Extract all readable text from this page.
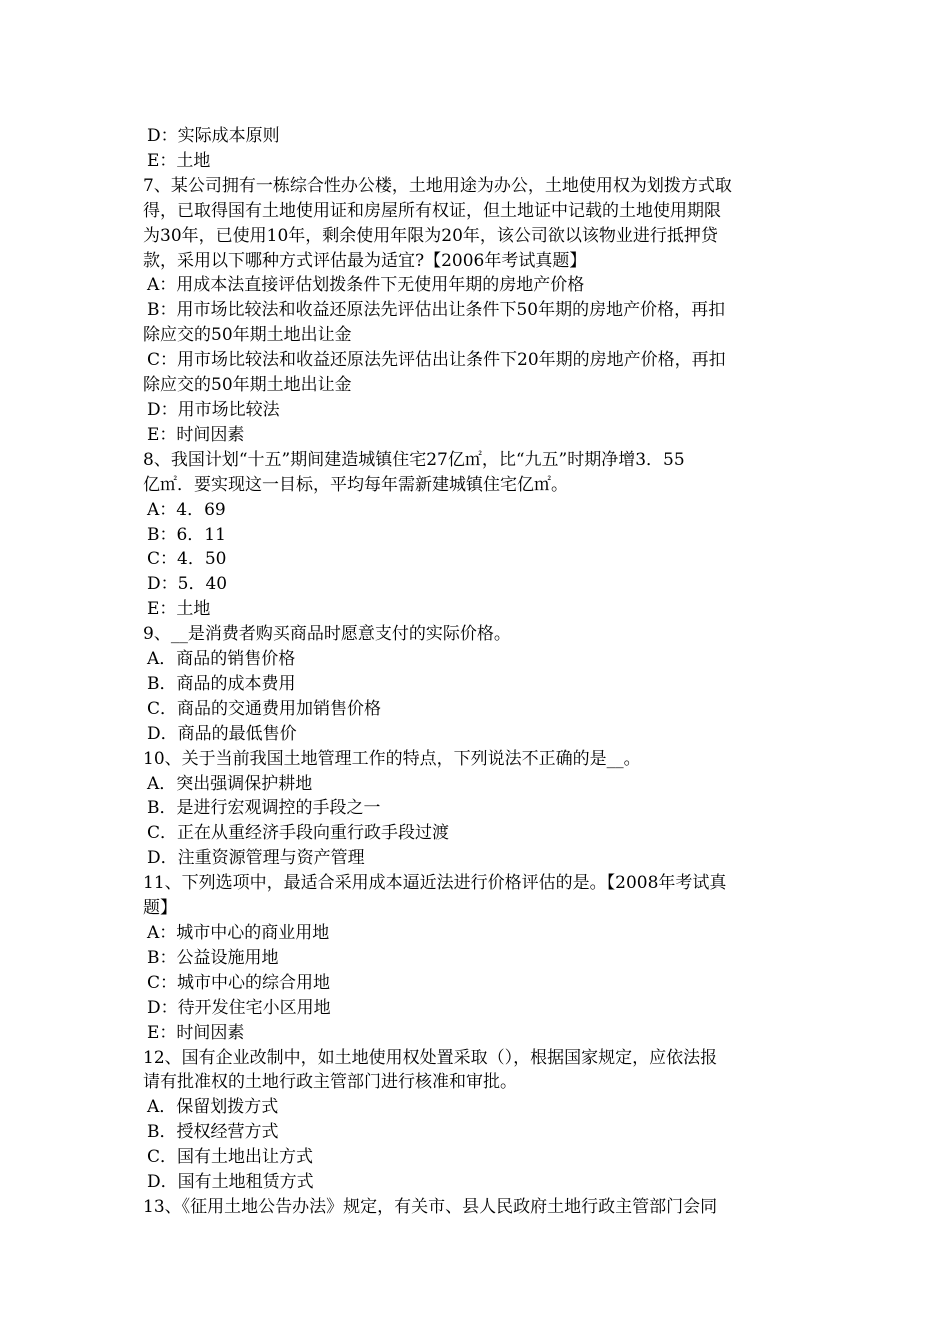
D：实际成本原则
E：土地
7、某公司拥有一栋综合性办公楼，土地用途为办公，土地使用权为划拨方式取
得，已取得国有土地使用证和房屋所有权证，但土地证中记载的土地使用期限
为30年，已使用10年，剩余使用年限为20年，该公司欲以该物业进行抵押贷
款，采用以下哪种方式评估最为适宜?【2006年考试真题】
A：用成本法直接评估划拨条件下无使用年期的房地产价格
B：用市场比较法和收益还原法先评估出让条件下50年期的房地产价格，再扣
除应交的50年期土地出让金
C：用市场比较法和收益还原法先评估出让条件下20年期的房地产价格，再扣
除应交的50年期土地出让金
D：用市场比较法
E：时间因素
8、我国计划“十五”期间建造城镇住宅27亿㎡，比“九五”时期净增3．55
亿㎡．要实现这一目标，平均每年需新建城镇住宅亿㎡。
A：4．69
B：6．11
C：4．50
D：5．40
E：土地
9、__是消费者购买商品时愿意支付的实际价格。
A．商品的销售价格
B．商品的成本费用
C．商品的交通费用加销售价格
D．商品的最低售价
10、关于当前我国土地管理工作的特点，下列说法不正确的是__。
A．突出强调保护耕地
B．是进行宏观调控的手段之一
C．正在从重经济手段向重行政手段过渡
D．注重资源管理与资产管理
11、下列选项中，最适合采用成本逼近法进行价格评估的是。【2008年考试真
题】
A：城市中心的商业用地
B：公益设施用地
C：城市中心的综合用地
D：待开发住宅小区用地
E：时间因素
12、国有企业改制中，如土地使用权处置采取（），根据国家规定，应依法报
请有批准权的土地行政主管部门进行核准和审批。
A．保留划拨方式
B．授权经营方式
C．国有土地出让方式
D．国有土地租赁方式
13、《征用土地公告办法》规定，有关市、县人民政府土地行政主管部门会同
